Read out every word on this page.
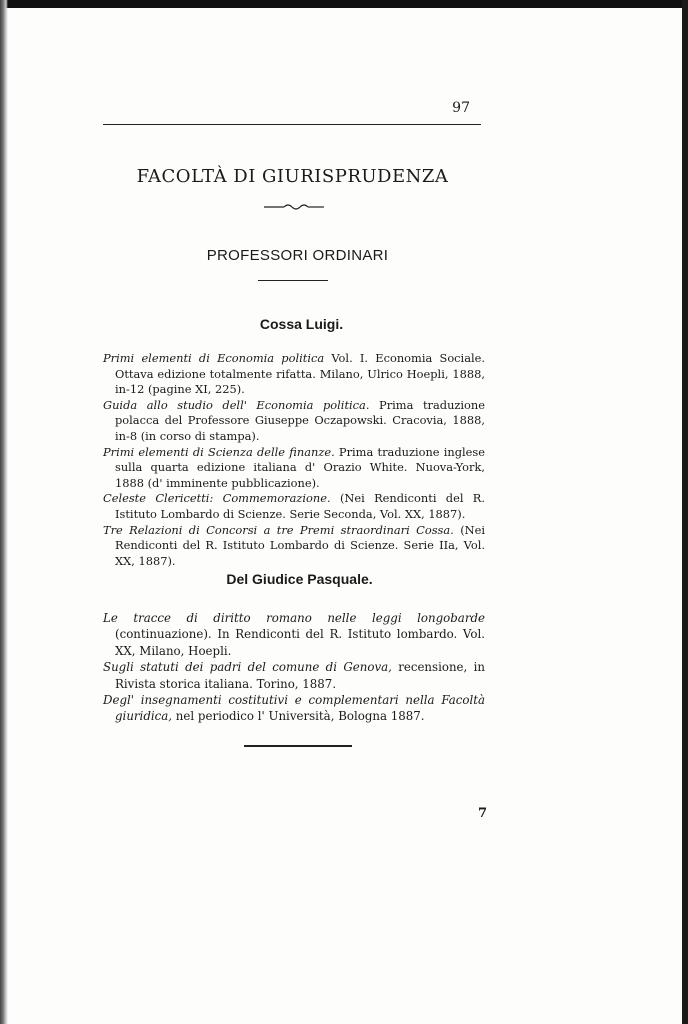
97
FACOLTÀ DI GIURISPRUDENZA
PROFESSORI ORDINARI
Cossa Luigi.
Primi elementi di Economia politica Vol. I. Economia Sociale. Ottava edizione totalmente rifatta. Milano, Ulrico Hoepli, 1888, in-12 (pagine XI, 225).
Guida allo studio dell' Economia politica. Prima traduzione polacca del Professore Giuseppe Oczapowski. Cracovia, 1888, in-8 (in corso di stampa).
Primi elementi di Scienza delle finanze. Prima traduzione inglese sulla quarta edizione italiana d' Orazio White. Nuova-York, 1888 (d' imminente pubblicazione).
Celeste Clericetti: Commemorazione. (Nei Rendiconti del R. Istituto Lombardo di Scienze. Serie Seconda, Vol. XX, 1887).
Tre Relazioni di Concorsi a tre Premi straordinari Cossa. (Nei Rendiconti del R. Istituto Lombardo di Scienze. Serie IIa, Vol. XX, 1887).
Del Giudice Pasquale.
Le tracce di diritto romano nelle leggi longobarde (continuazione). In Rendiconti del R. Istituto lombardo. Vol. XX, Milano, Hoepli.
Sugli statuti dei padri del comune di Genova, recensione, in Rivista storica italiana. Torino, 1887.
Degl' insegnamenti costitutivi e complementari nella Facoltà giuridica, nel periodico l' Università, Bologna 1887.
7
